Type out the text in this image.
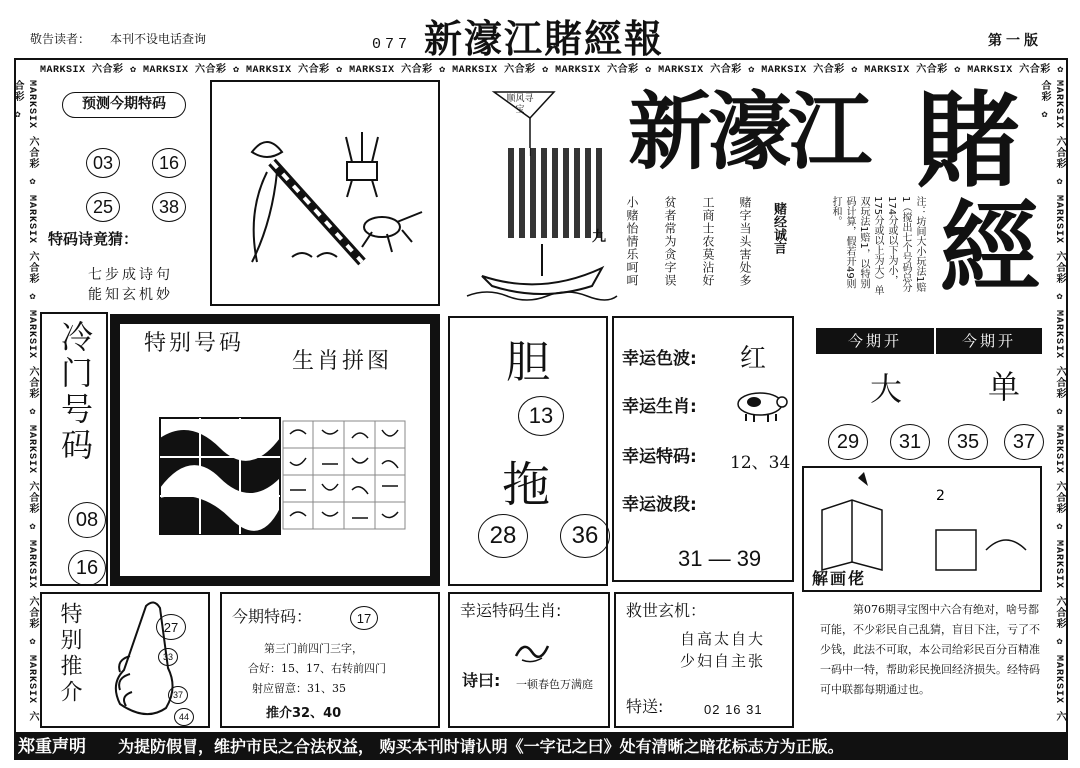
敬告读者： 本刊不设电话查询	077 新濠江賭經報	第一版
MARKSIX 六合彩 ✿ MARKSIX 六合彩 ✿ MARKSIX 六合彩 ✿ MARKSIX 六合彩 ✿ MARKSIX 六合彩 ✿ MARKSIX 六合彩 ✿ MARKSIX 六合彩 ✿ MARKSIX 六合彩 ✿ MARKSIX 六合彩 ✿ MARKSIX 六合彩 ✿
MARKSIX 六合彩 ✿ MARKSIX 六合彩 ✿ MARKSIX 六合彩 ✿ MARKSIX 六合彩 ✿ MARKSIX 六合彩 ✿ MARKSIX 六合彩 ✿	MARKSIX 六合彩 ✿ MARKSIX 六合彩 ✿ MARKSIX 六合彩 ✿ MARKSIX 六合彩 ✿ MARKSIX 六合彩 ✿ MARKSIX 六合彩 ✿
预测今期特码
03	16
25	38
特码诗竟猜：
七步成诗句
能知玄机妙
顺风寻宝
九
新濠江 賭
經
赌经诚言
赌字当头害处多
工商士农莫沾好
贫者常为贪字误
小赌怡情乐呵呵	注：坊间大小玩法1赔1（搅出七个号码总分174分或以下为小，175分或以上为大）单双玩法1赔1，以特别码计算，假若开49则打和。
冷门号码
08
16
特别号码
生肖拼图	胆
13
拖
28	36
幸运色波: 红
幸运生肖:
幸运特码: 12、34
幸运波段:
31 — 39
今期开	今期开
大	单
29	31	35	37
2
解画佬
第076期寻宝图中六合有绝对，啥号都可能，不少彩民自己乱猜，盲目下注，亏了不少钱，此法不可取，本公司给彩民百分百精准一码中一特，帮助彩民挽回经济损失。经特码可中联都每期通过也。
特别推介	27
33
37
44
今期特码：	17
第三门前四门三字，
合好：15、17、右转前四门
射应留意：31、35
推介32、40
幸运特码生肖:
诗曰: 一顿春色万满庭
救世玄机：
自高太自大
少妇自主张
特送:	02 16 31
郑重声明 为提防假冒，维护市民之合法权益， 购买本刊时请认明《一字记之曰》处有清晰之暗花标志方为正版。
